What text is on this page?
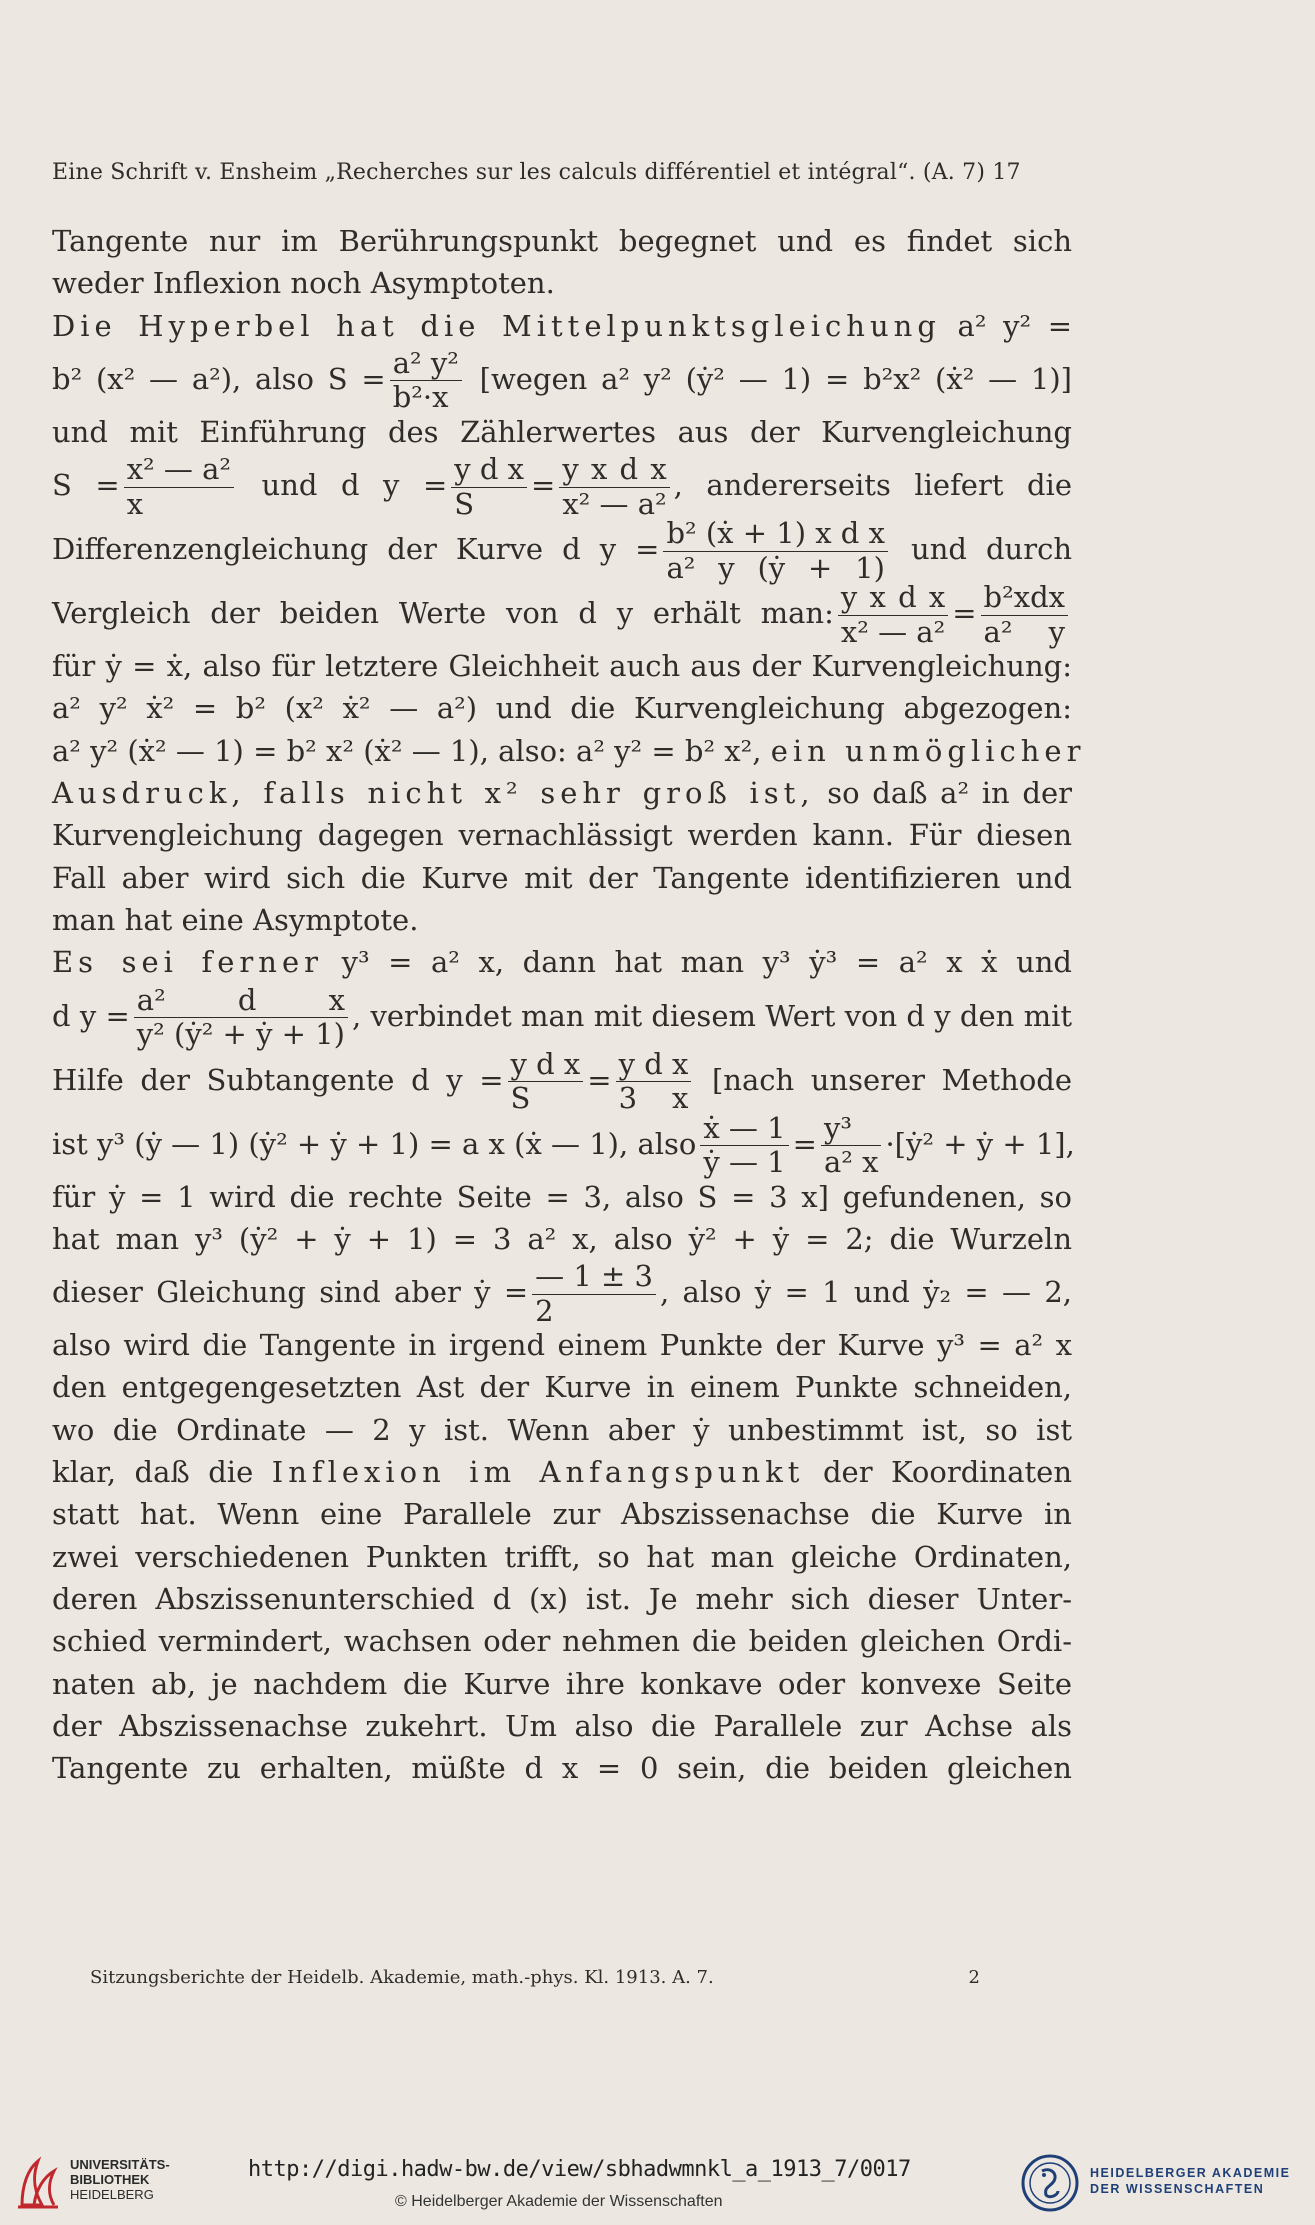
Eine Schrift v. Ensheim „Recherches sur les calculs différentiel et intégral“. (A. 7) 17
Tangente nur im Berührungspunkt begegnet und es findet sich
weder Inflexion noch Asymptoten.
Die Hyperbel hat die Mittelpunktsgleichung a² y² =
b² (x² — a²), also $S = \frac{\text{a² y²}}{\text{b²·x}}$ [wegen a² y² (ẏ² — 1) = b²x² (ẋ² — 1)]
und mit Einführung des Zählerwertes aus der Kurvengleichung
$S = \frac{\text{x² — a²}}{x}$ und d $y = \frac{\text{y d x}}{S} = \frac{\text{y x d x}}{\text{x² — a²}}$ , andererseits liefert die
Differenzengleichung der Kurve d $y = \frac{\text{b² (ẋ + 1) x d x}}{\text{a² y (ẏ + 1)}}$ und durch
Vergleich der beiden Werte von d y erhält man: $\frac{\text{y x d x}}{\text{x² — a²}} = \frac{\text{b²xdx}}{\text{a² y}}$
für ẏ = ẋ, also für letztere Gleichheit auch aus der Kurvengleichung:
a² y² ẋ² = b² (x² ẋ² — a²) und die Kurvengleichung abgezogen:
a² y² (ẋ² — 1) = b² x² (ẋ² — 1), also: a² y² = b² x², ein unmöglicher
Ausdruck, falls nicht x² sehr groß ist, so daß a² in der
Kurvengleichung dagegen vernachlässigt werden kann. Für diesen
Fall aber wird sich die Kurve mit der Tangente identifizieren und
man hat eine Asymptote.
Es sei ferner y³ = a² x, dann hat man y³ ẏ³ = a² x ẋ und
d $y = \frac{\text{a² d x}}{\text{y² (ẏ² + ẏ + 1)}}$ , verbindet man mit diesem Wert von d y den mit
Hilfe der Subtangente d $y = \frac{\text{y d x}}{S} = \frac{\text{y d x}}{3 x}$ [nach unserer Methode
ist y³ (ẏ — 1) (ẏ² + ẏ + 1) = a x (ẋ — 1), also $\frac{\text{ẋ — 1}}{\text{ẏ — 1}} = \frac{\text{y³}}{\text{a² x}}$ ·[ẏ² + ẏ + 1],
für ẏ = 1 wird die rechte Seite = 3, also S = 3 x] gefundenen, so
hat man y³ (ẏ² + ẏ + 1) = 3 a² x, also ẏ² + ẏ = 2; die Wurzeln
dieser Gleichung sind aber ẏ = $\frac{— 1 \pm 3}{2}$ , also ẏ = 1 und ẏ₂ = — 2,
also wird die Tangente in irgend einem Punkte der Kurve y³ = a² x
den entgegengesetzten Ast der Kurve in einem Punkte schneiden,
wo die Ordinate — 2 y ist. Wenn aber ẏ unbestimmt ist, so ist
klar, daß die Inflexion im Anfangspunkt der Koordinaten
statt hat. Wenn eine Parallele zur Abszissenachse die Kurve in
zwei verschiedenen Punkten trifft, so hat man gleiche Ordinaten,
deren Abszissenunterschied d (x) ist. Je mehr sich dieser Unter-
schied vermindert, wachsen oder nehmen die beiden gleichen Ordi-
naten ab, je nachdem die Kurve ihre konkave oder konvexe Seite
der Abszissenachse zukehrt. Um also die Parallele zur Achse als
Tangente zu erhalten, müßte d x = 0 sein, die beiden gleichen
Sitzungsberichte der Heidelb. Akademie, math.-phys. Kl. 1913. A. 7.	2
UNIVERSITÄTS-
BIBLIOTHEK
HEIDELBERG
http://digi.hadw-bw.de/view/sbhadwmnkl_a_1913_7/0017
© Heidelberger Akademie der Wissenschaften
HEIDELBERGER AKADEMIE
DER WISSENSCHAFTEN
